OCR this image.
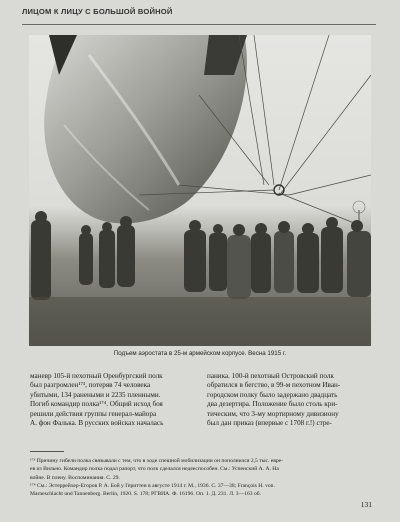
ЛИЦОМ К ЛИЦУ С БОЛЬШОЙ ВОЙНОЙ
Подъем аэростата в 25-м армейском корпусе. Весна 1915 г.
маневр 105-й пехотный Оренбургский полк
был разгромлен¹⁷³, потеряв 74 человека
убитыми, 134 ранеными и 2235 пленными.
Погиб командир полка¹⁷⁴. Общий исход боя
решили действия группы генерал-майора
А. фон Фалька. В русских войсках началась
паника. 100-й пехотный Островский полк
обратился в бегство, в 99-м пехотном Иван-
городском полку было задержано двадцать
два дезертира. Положение было столь кри-
тическим, что 3-му мортирному дивизиону
был дан приказ (впервые с 1708 г.!) стре-
¹⁷³ Причину гибели полка связывали с тем, что в ходе спешной мобилизации он пополнился 2,5 тыс. евре-
ев из Вильно. Командир полка подал рапорт, что полк сделался недееспособен. См.: Успенский А. А. На
войне. В плену. Воспоминания. С. 29.
¹⁷⁴ См.: Эстеррейхер-Егоров Р. А. Бой у Гериттен в августе 1914 г. М., 1936. С. 37—38; François H. von.
Marneschlacht und Tannenberg. Berlin, 1920. S. 178; РГВИА. Ф. 16196. Оп. 1. Д. 231. Л. 3—163 об.
131
